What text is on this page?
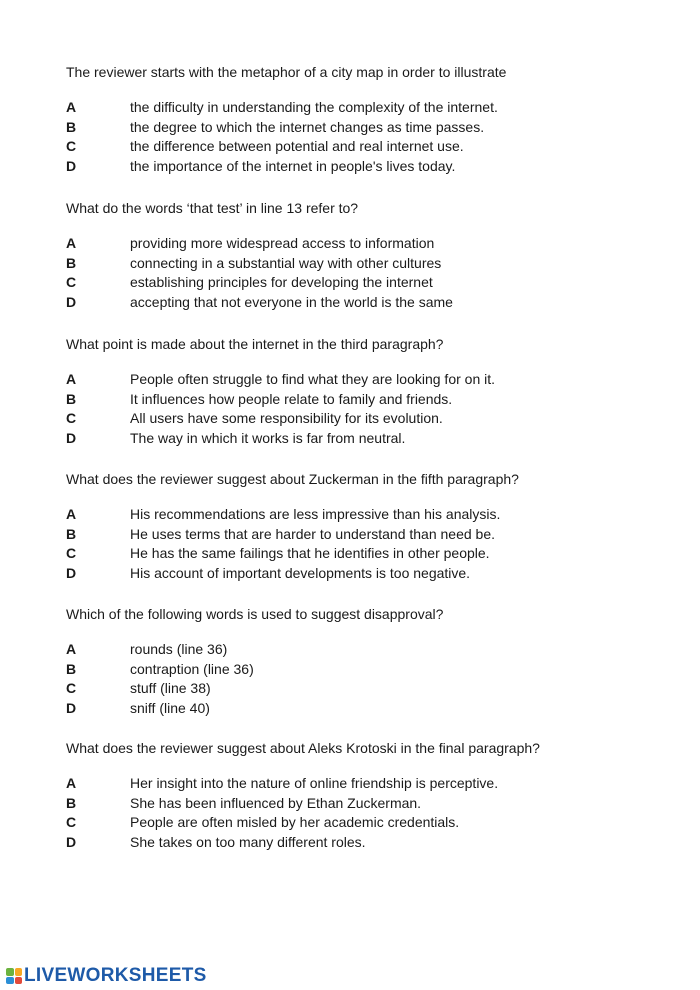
The reviewer starts with the metaphor of a city map in order to illustrate

A	the difficulty in understanding the complexity of the internet.
B	the degree to which the internet changes as time passes.
C	the difference between potential and real internet use.
D	the importance of the internet in people's lives today.

What do the words ‘that test’ in line 13 refer to?

A	providing more widespread access to information
B	connecting in a substantial way with other cultures
C	establishing principles for developing the internet
D	accepting that not everyone in the world is the same

What point is made about the internet in the third paragraph?

A	People often struggle to find what they are looking for on it.
B	It influences how people relate to family and friends.
C	All users have some responsibility for its evolution.
D	The way in which it works is far from neutral.

What does the reviewer suggest about Zuckerman in the fifth paragraph?

A	His recommendations are less impressive than his analysis.
B	He uses terms that are harder to understand than need be.
C	He has the same failings that he identifies in other people.
D	His account of important developments is too negative.

Which of the following words is used to suggest disapproval?

A	rounds (line 36)
B	contraption (line 36)
C	stuff (line 38)
D	sniff (line 40)

What does the reviewer suggest about Aleks Krotoski in the final paragraph?

A	Her insight into the nature of online friendship is perceptive.
B	She has been influenced by Ethan Zuckerman.
C	People are often misled by her academic credentials.
D	She takes on too many different roles.
LIVEWORKSHEETS
